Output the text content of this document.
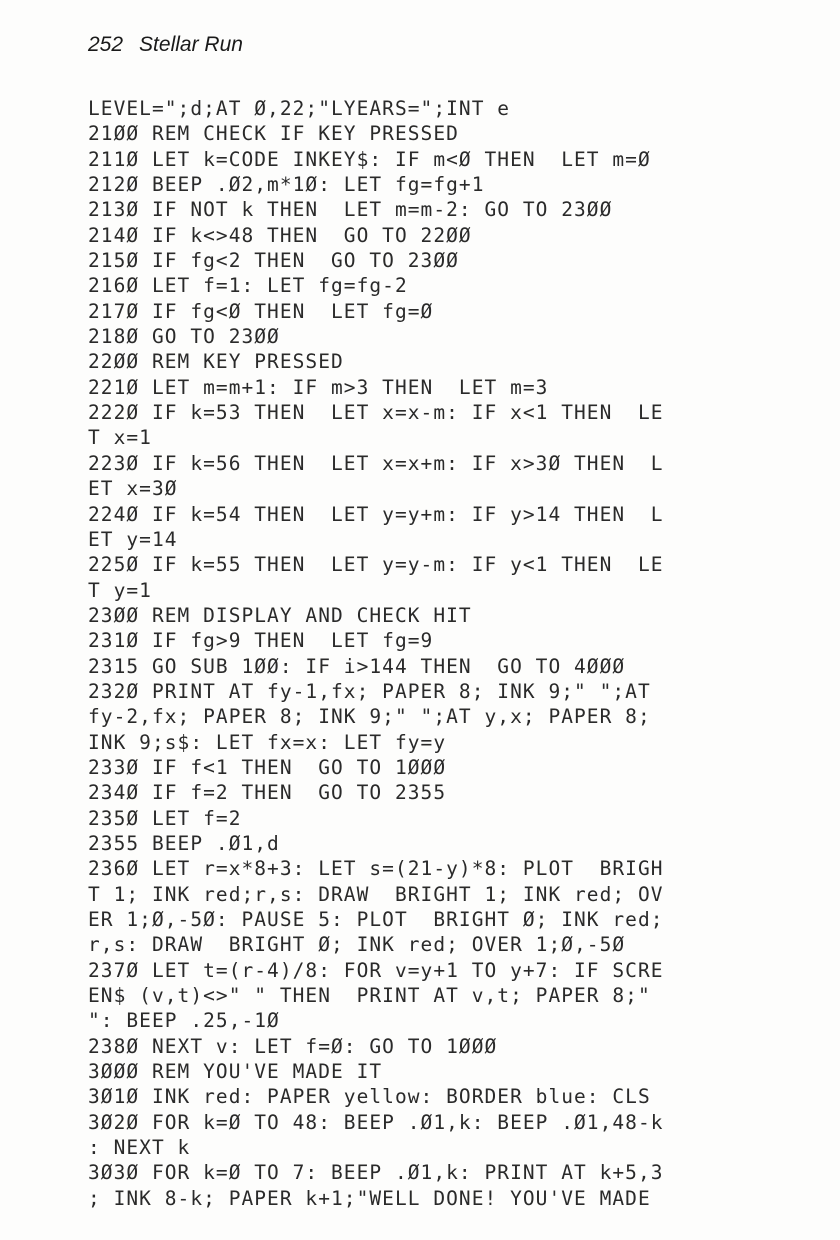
252 Stellar Run
LEVEL=";d;AT Ø,22;"LYEARS=";INT e
21ØØ REM CHECK IF KEY PRESSED
211Ø LET k=CODE INKEY$: IF m<Ø THEN  LET m=Ø
212Ø BEEP .Ø2,m*1Ø: LET fg=fg+1
213Ø IF NOT k THEN  LET m=m-2: GO TO 23ØØ
214Ø IF k<>48 THEN  GO TO 22ØØ
215Ø IF fg<2 THEN  GO TO 23ØØ
216Ø LET f=1: LET fg=fg-2
217Ø IF fg<Ø THEN  LET fg=Ø
218Ø GO TO 23ØØ
22ØØ REM KEY PRESSED
221Ø LET m=m+1: IF m>3 THEN  LET m=3
222Ø IF k=53 THEN  LET x=x-m: IF x<1 THEN  LE
T x=1
223Ø IF k=56 THEN  LET x=x+m: IF x>3Ø THEN  L
ET x=3Ø
224Ø IF k=54 THEN  LET y=y+m: IF y>14 THEN  L
ET y=14
225Ø IF k=55 THEN  LET y=y-m: IF y<1 THEN  LE
T y=1
23ØØ REM DISPLAY AND CHECK HIT
231Ø IF fg>9 THEN  LET fg=9
2315 GO SUB 1ØØ: IF i>144 THEN  GO TO 4ØØØ
232Ø PRINT AT fy-1,fx; PAPER 8; INK 9;" ";AT
fy-2,fx; PAPER 8; INK 9;" ";AT y,x; PAPER 8;
INK 9;s$: LET fx=x: LET fy=y
233Ø IF f<1 THEN  GO TO 1ØØØ
234Ø IF f=2 THEN  GO TO 2355
235Ø LET f=2
2355 BEEP .Ø1,d
236Ø LET r=x*8+3: LET s=(21-y)*8: PLOT  BRIGH
T 1; INK red;r,s: DRAW  BRIGHT 1; INK red; OV
ER 1;Ø,-5Ø: PAUSE 5: PLOT  BRIGHT Ø; INK red;
r,s: DRAW  BRIGHT Ø; INK red; OVER 1;Ø,-5Ø
237Ø LET t=(r-4)/8: FOR v=y+1 TO y+7: IF SCRE
EN$ (v,t)<>" " THEN  PRINT AT v,t; PAPER 8;"
": BEEP .25,-1Ø
238Ø NEXT v: LET f=Ø: GO TO 1ØØØ
3ØØØ REM YOU'VE MADE IT
3Ø1Ø INK red: PAPER yellow: BORDER blue: CLS
3Ø2Ø FOR k=Ø TO 48: BEEP .Ø1,k: BEEP .Ø1,48-k
: NEXT k
3Ø3Ø FOR k=Ø TO 7: BEEP .Ø1,k: PRINT AT k+5,3
; INK 8-k; PAPER k+1;"WELL DONE! YOU'VE MADE
